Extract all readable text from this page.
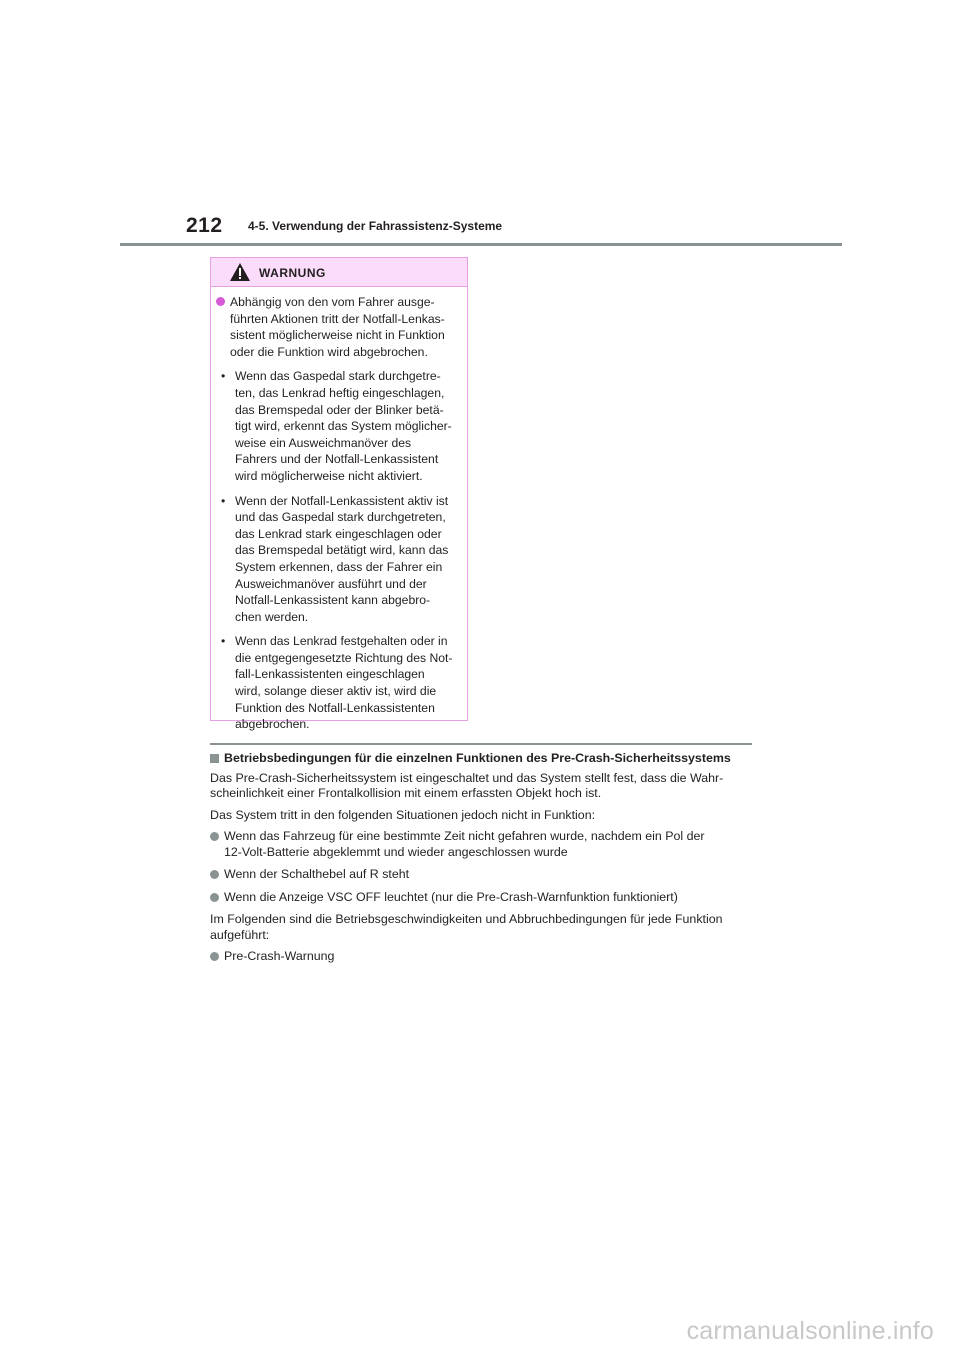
212 4-5. Verwendung der Fahrassistenz-Systeme
WARNUNG
Abhängig von den vom Fahrer ausge-
führten Aktionen tritt der Notfall-Lenkas-
sistent möglicherweise nicht in Funktion
oder die Funktion wird abgebrochen.
• Wenn das Gaspedal stark durchgetre-
ten, das Lenkrad heftig eingeschlagen,
das Bremspedal oder der Blinker betä-
tigt wird, erkennt das System möglicher-
weise ein Ausweichmanöver des
Fahrers und der Notfall-Lenkassistent
wird möglicherweise nicht aktiviert.
• Wenn der Notfall-Lenkassistent aktiv ist
und das Gaspedal stark durchgetreten,
das Lenkrad stark eingeschlagen oder
das Bremspedal betätigt wird, kann das
System erkennen, dass der Fahrer ein
Ausweichmanöver ausführt und der
Notfall-Lenkassistent kann abgebro-
chen werden.
• Wenn das Lenkrad festgehalten oder in
die entgegengesetzte Richtung des Not-
fall-Lenkassistenten eingeschlagen
wird, solange dieser aktiv ist, wird die
Funktion des Notfall-Lenkassistenten
abgebrochen.
Betriebsbedingungen für die einzelnen Funktionen des Pre-Crash-Sicherheitssystems

Das Pre-Crash-Sicherheitssystem ist eingeschaltet und das System stellt fest, dass die Wahr-
scheinlichkeit einer Frontalkollision mit einem erfassten Objekt hoch ist.

Das System tritt in den folgenden Situationen jedoch nicht in Funktion:

Wenn das Fahrzeug für eine bestimmte Zeit nicht gefahren wurde, nachdem ein Pol der
12-Volt-Batterie abgeklemmt und wieder angeschlossen wurde
Wenn der Schalthebel auf R steht
Wenn die Anzeige VSC OFF leuchtet (nur die Pre-Crash-Warnfunktion funktioniert)

Im Folgenden sind die Betriebsgeschwindigkeiten und Abbruchbedingungen für jede Funktion
aufgeführt:

Pre-Crash-Warnung
carmanualsonline.info
